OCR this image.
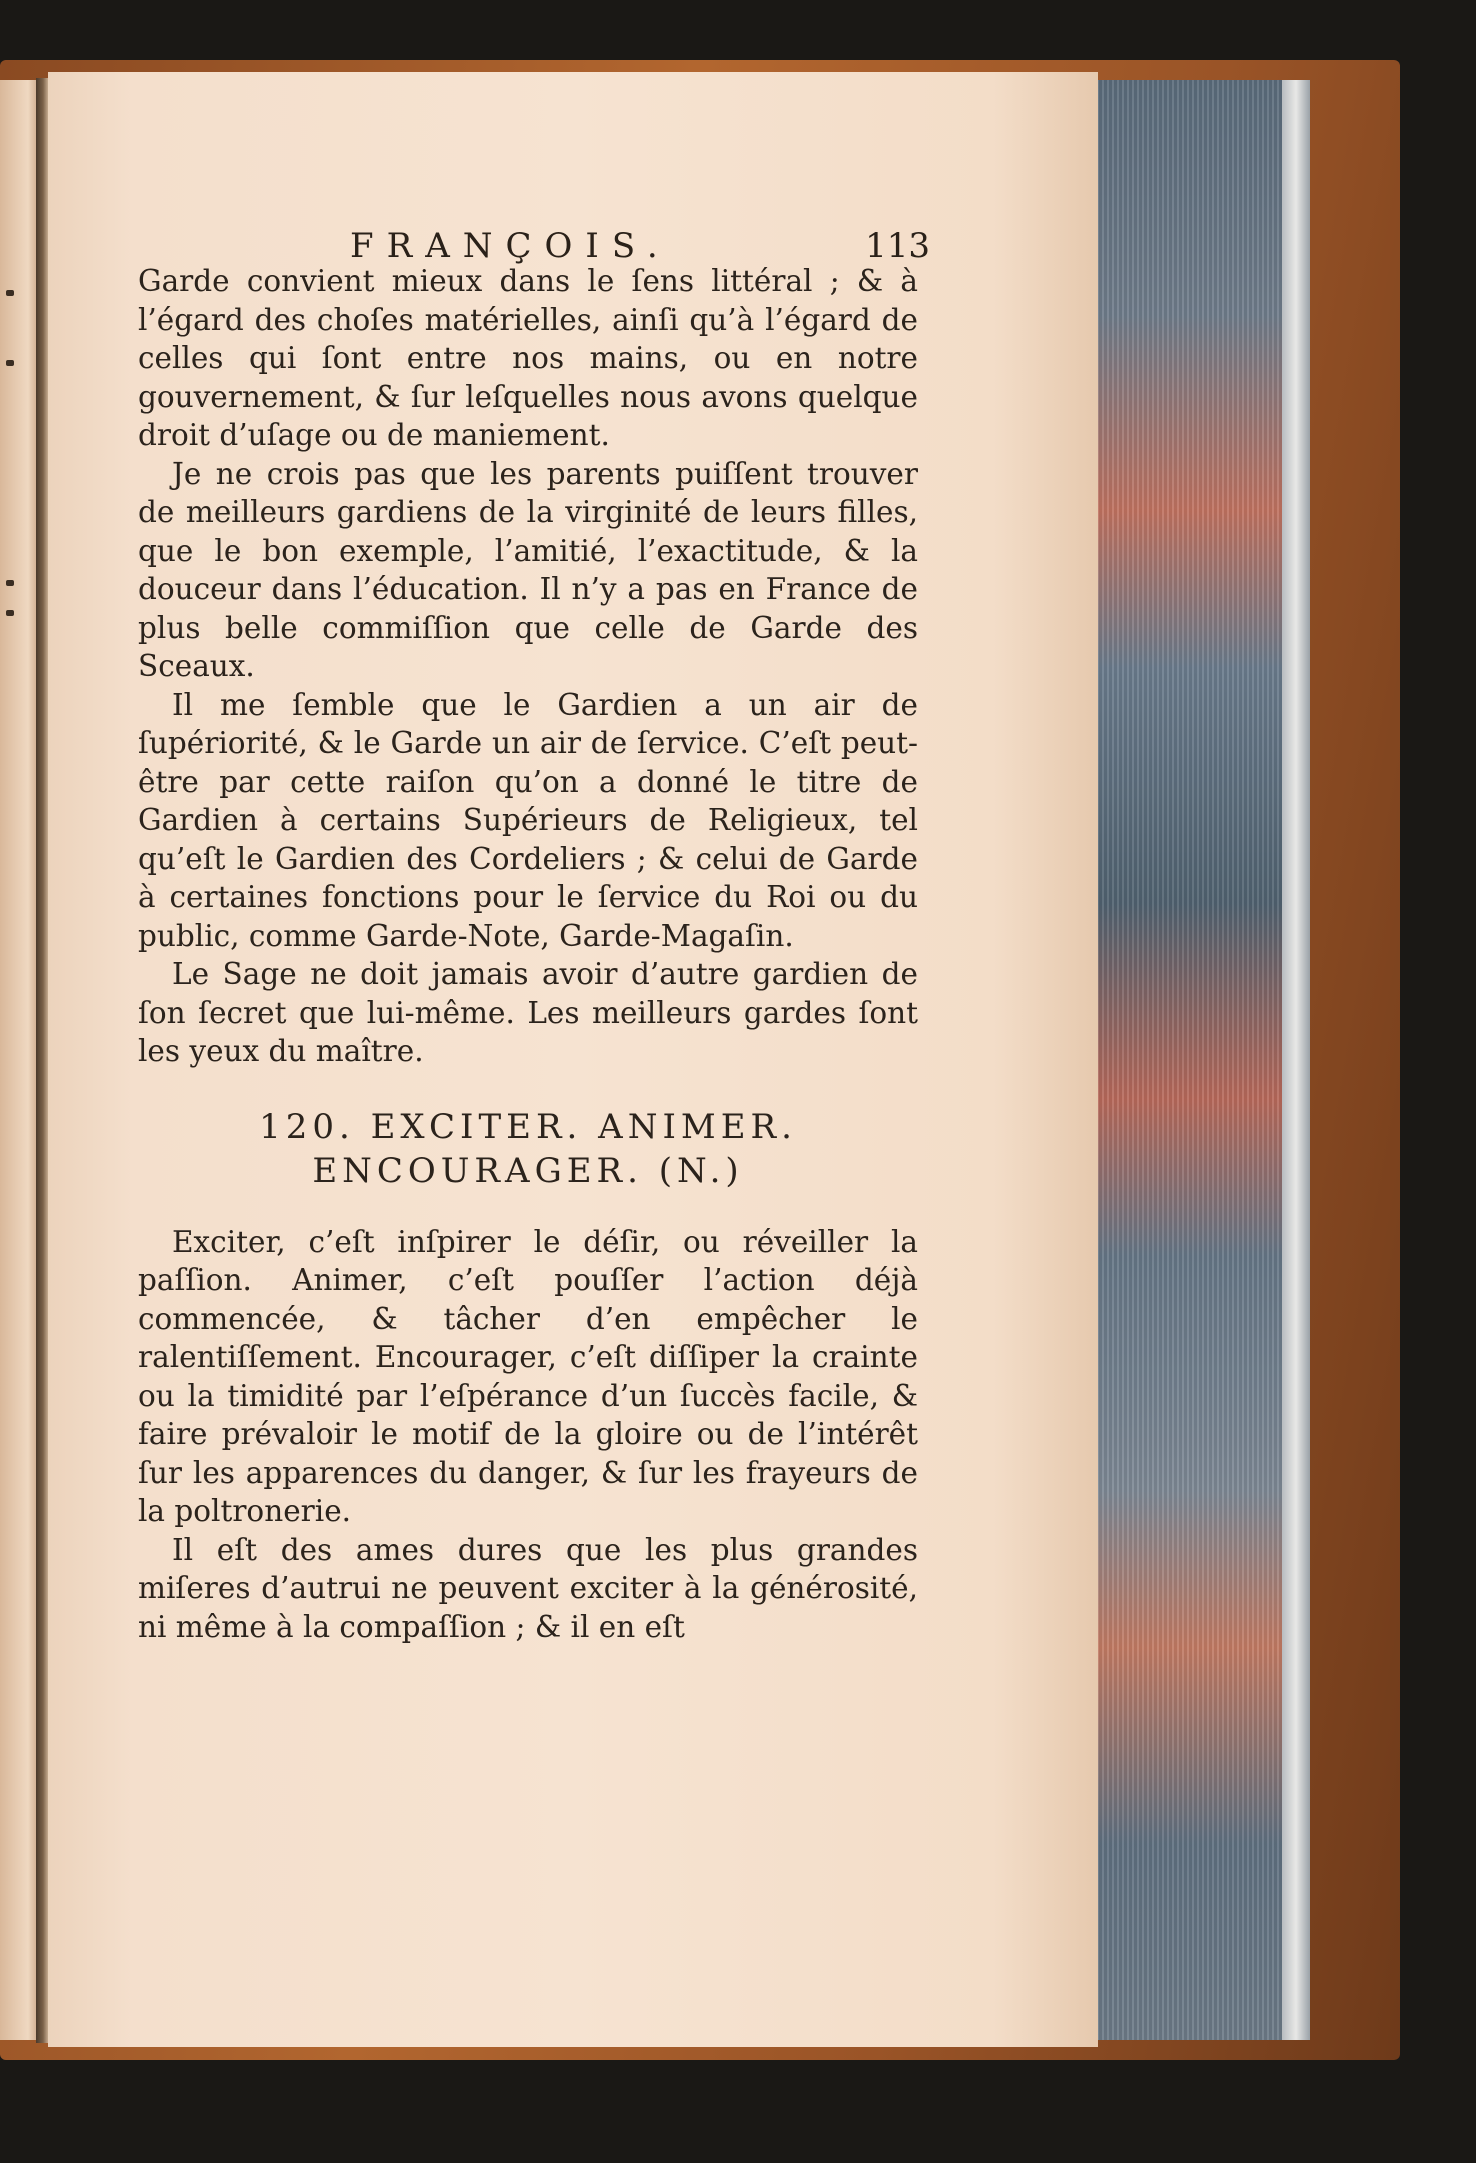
FRANÇOIS.	113

Garde convient mieux dans le ſens littéral ; & à l’égard des choſes matérielles, ainſi qu’à l’égard de celles qui ſont entre nos mains, ou en notre gouvernement, & ſur leſquelles nous avons quelque droit d’uſage ou de maniement.

Je ne crois pas que les parents puiſſent trouver de meilleurs gardiens de la virginité de leurs filles, que le bon exemple, l’amitié, l’exactitude, & la douceur dans l’éducation. Il n’y a pas en France de plus belle commiſſion que celle de Garde des Sceaux.

Il me ſemble que le Gardien a un air de ſupériorité, & le Garde un air de ſervice. C’eſt peut-être par cette raiſon qu’on a donné le titre de Gardien à certains Supérieurs de Religieux, tel qu’eſt le Gardien des Cordeliers ; & celui de Garde à certaines fonctions pour le ſervice du Roi ou du public, comme Garde-Note, Garde-Magaſin.

Le Sage ne doit jamais avoir d’autre gardien de ſon ſecret que lui-même. Les meilleurs gardes ſont les yeux du maître.

120. EXCITER. ANIMER.
ENCOURAGER. (N.)

Exciter, c’eſt inſpirer le déſir, ou réveiller la paſſion. Animer, c’eſt pouſſer l’action déjà commencée, & tâcher d’en empêcher le ralentiſſement. Encourager, c’eſt diſſiper la crainte ou la timidité par l’eſpérance d’un ſuccès facile, & faire prévaloir le motif de la gloire ou de l’intérêt ſur les apparences du danger, & ſur les frayeurs de la poltronerie.

Il eſt des ames dures que les plus grandes miſeres d’autrui ne peuvent exciter à la générosité, ni même à la compaſſion ; & il en eſt
